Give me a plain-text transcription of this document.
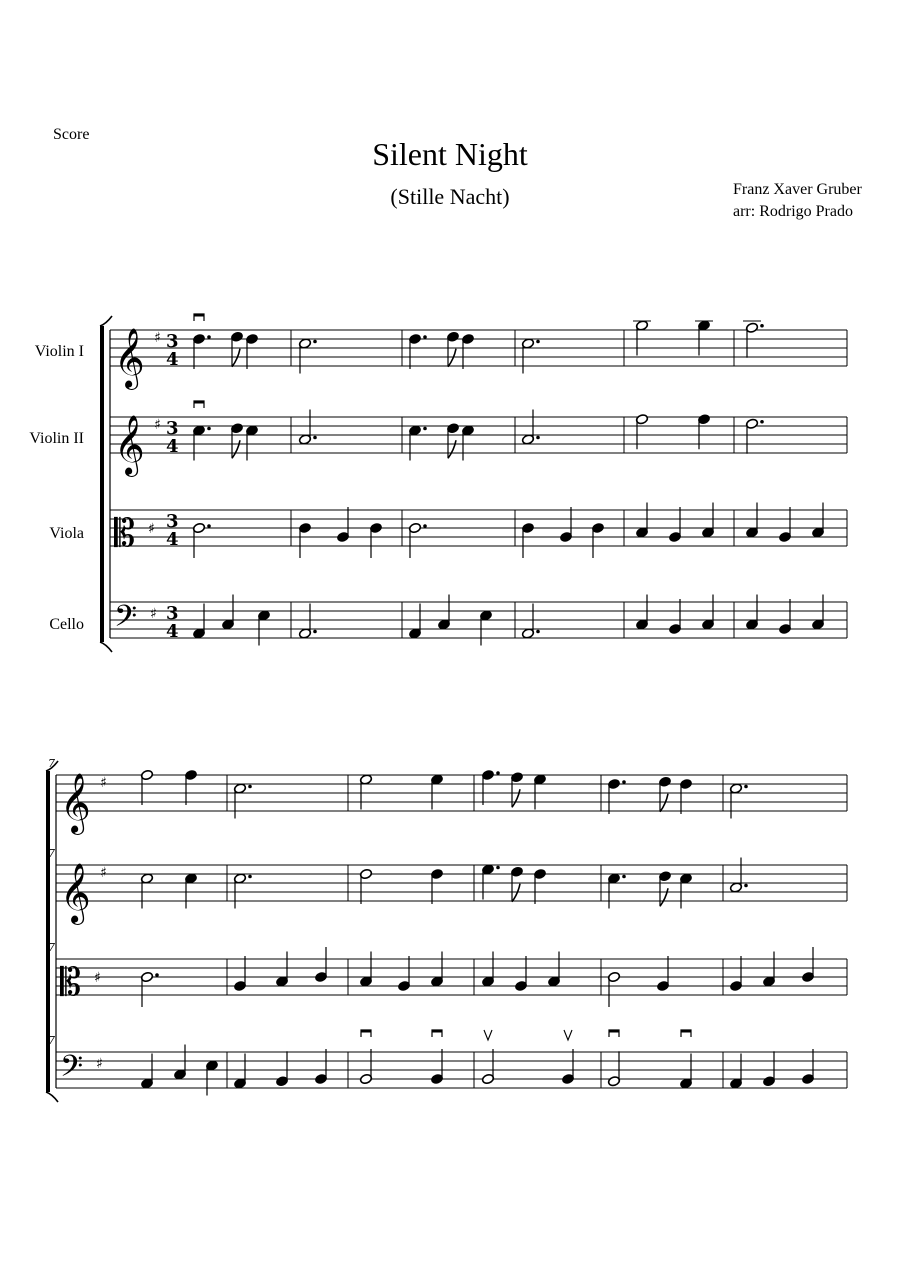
Score
Silent Night
(Stille Nacht)	Franz Xaver Gruber
arr: Rodrigo Prado
Violin I
Violin II
Viola
Cello
𝄞 ♯ 3
4
𝄞 ♯ 3
4
𝄡 ♯ 3
4
𝄢 ♯ 3
4
𝄞 ♯
7
𝄞 ♯
7
𝄡 ♯
7
𝄢 ♯
7
